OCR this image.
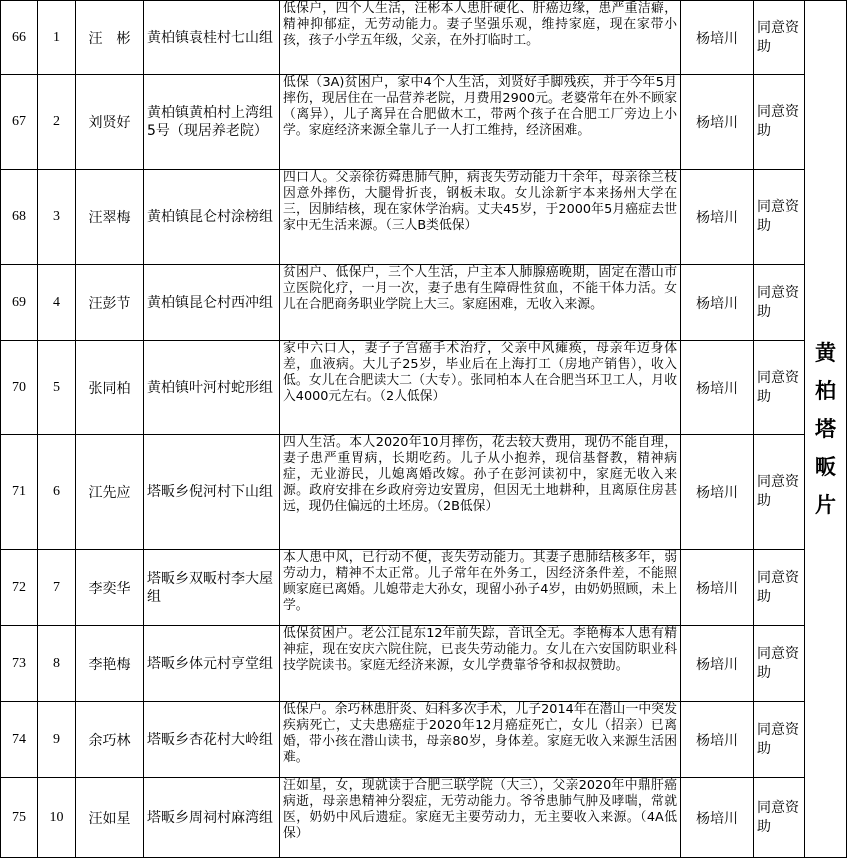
66	1	汪　彬	黄柏镇袁桂村七山组	低保户，四个人生活，汪彬本人患肝硬化、肝癌边缘，患严重洁癖，精神抑郁症，无劳动能力。妻子坚强乐观，维持家庭，现在家带小孩，孩子小学五年级，父亲，在外打临时工。	杨培川	同意资助	黄柏塔畈片
67	2	刘贤好	黄柏镇黄柏村上湾组5号（现居养老院）	低保（3A)贫困户，家中4个人生活，刘贤好手脚残疾，并于今年5月摔伤，现居住在一品营养老院，月费用2900元。老婆常年在外不顾家（离异），儿子离异在合肥做木工，带两个孩子在合肥工厂旁边上小学。家庭经济来源全靠儿子一人打工维持，经济困难。	杨培川	同意资助	
68	3	汪翠梅	黄柏镇昆仑村涂榜组	四口人。父亲徐彷舜患肺气肿，病丧失劳动能力十余年，母亲徐兰枝因意外摔伤，大腿骨折丧，钢板未取。女儿涂新宇本来扬州大学在三，因肺结核，现在家休学治病。丈夫45岁，于2000年5月癌症去世家中无生活来源。（三人B类低保）	杨培川	同意资助	
69	4	汪彭节	黄柏镇昆仑村西冲组	贫困户、低保户，三个人生活，户主本人肺腺癌晚期，固定在潜山市立医院化疗，一月一次，妻子患有生障碍性贫血，不能干体力活。女儿在合肥商务职业学院上大三。家庭困难，无收入来源。	杨培川	同意资助	
70	5	张同柏	黄柏镇叶河村蛇形组	家中六口人，妻子子宫癌手术治疗，父亲中风瘫痪，母亲年迈身体差，血液病。大儿子25岁，毕业后在上海打工（房地产销售），收入低。女儿在合肥读大二（大专）。张同柏本人在合肥当环卫工人，月收入4000元左右。（2人低保）	杨培川	同意资助	
71	6	江先应	塔畈乡倪河村下山组	四人生活。本人2020年10月摔伤，花去较大费用，现仍不能自理，妻子患严重胃病，长期吃药。儿子从小抱养，现信基督教，精神病症，无业游民，儿媳离婚改嫁。孙子在彭河读初中，家庭无收入来源。政府安排在乡政府旁边安置房，但因无土地耕种，且离原住房甚远，现仍住偏远的土坯房。（2B低保）	杨培川	同意资助	
72	7	李奕华	塔畈乡双畈村李大屋组	本人患中风，已行动不便，丧失劳动能力。其妻子患肺结核多年，弱劳动力，精神不太正常。儿子常年在外务工，因经济条件差，不能照顾家庭已离婚。儿媳带走大孙女，现留小孙子4岁，由奶奶照顾，未上学。	杨培川	同意资助	
73	8	李艳梅	塔畈乡体元村亨堂组	低保贫困户。老公江昆东12年前失踪，音讯全无。李艳梅本人患有精神症，现在安庆六院住院，已丧失劳动能力。女儿在六安国防职业科技学院读书。家庭无经济来源，女儿学费靠爷爷和叔叔赞助。	杨培川	同意资助	
74	9	余巧林	塔畈乡杏花村大岭组	低保户。余巧林患肝炎、妇科多次手术，儿子2014年在潜山一中突发疾病死亡，丈夫患癌症于2020年12月癌症死亡，女儿（招亲）已离婚，带小孩在潜山读书，母亲80岁，身体差。家庭无收入来源生活困难。	杨培川	同意资助	
75	10	汪如星	塔畈乡周祠村麻湾组	汪如星，女，现就读于合肥三联学院（大三），父亲2020年中鼎肝癌病逝，母亲患精神分裂症，无劳动能力。爷爷患肺气肿及哮喘，常就医，奶奶中风后遗症。家庭无主要劳动力，无主要收入来源。（4A低保）	杨培川	同意资助	
